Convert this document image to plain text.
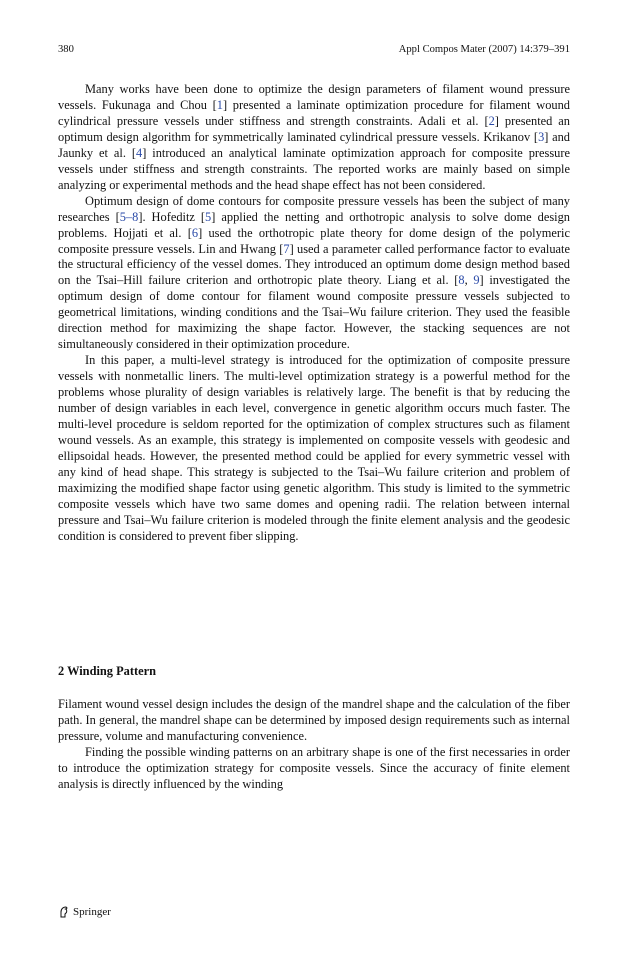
380	Appl Compos Mater (2007) 14:379–391

Many works have been done to optimize the design parameters of filament wound pressure vessels. Fukunaga and Chou [1] presented a laminate optimization procedure for filament wound cylindrical pressure vessels under stiffness and strength constraints. Adali et al. [2] presented an optimum design algorithm for symmetrically laminated cylindrical pressure vessels. Krikanov [3] and Jaunky et al. [4] introduced an analytical laminate optimization approach for composite pressure vessels under stiffness and strength constraints. The reported works are mainly based on simple analyzing or experimental methods and the head shape effect has not been considered.

Optimum design of dome contours for composite pressure vessels has been the subject of many researches [5–8]. Hofeditz [5] applied the netting and orthotropic analysis to solve dome design problems. Hojjati et al. [6] used the orthotropic plate theory for dome design of the polymeric composite pressure vessels. Lin and Hwang [7] used a parameter called performance factor to evaluate the structural efficiency of the vessel domes. They introduced an optimum dome design method based on the Tsai–Hill failure criterion and orthotropic plate theory. Liang et al. [8, 9] investigated the optimum design of dome contour for filament wound composite pressure vessels subjected to geometrical limitations, winding conditions and the Tsai–Wu failure criterion. They used the feasible direction method for maximizing the shape factor. However, the stacking sequences are not simultaneously considered in their optimization procedure.

In this paper, a multi-level strategy is introduced for the optimization of composite pressure vessels with nonmetallic liners. The multi-level optimization strategy is a powerful method for the problems whose plurality of design variables is relatively large. The benefit is that by reducing the number of design variables in each level, convergence in genetic algorithm occurs much faster. The multi-level procedure is seldom reported for the optimization of complex structures such as filament wound vessels. As an example, this strategy is implemented on composite vessels with geodesic and ellipsoidal heads. However, the presented method could be applied for every symmetric vessel with any kind of head shape. This strategy is subjected to the Tsai–Wu failure criterion and problem of maximizing the modified shape factor using genetic algorithm. This study is limited to the symmetric composite vessels which have two same domes and opening radii. The relation between internal pressure and Tsai–Wu failure criterion is modeled through the finite element analysis and the geodesic condition is considered to prevent fiber slipping.

2 Winding Pattern

Filament wound vessel design includes the design of the mandrel shape and the calculation of the fiber path. In general, the mandrel shape can be determined by imposed design requirements such as internal pressure, volume and manufacturing convenience.

Finding the possible winding patterns on an arbitrary shape is one of the first necessaries in order to introduce the optimization strategy for composite vessels. Since the accuracy of finite element analysis is directly influenced by the winding

Springer
